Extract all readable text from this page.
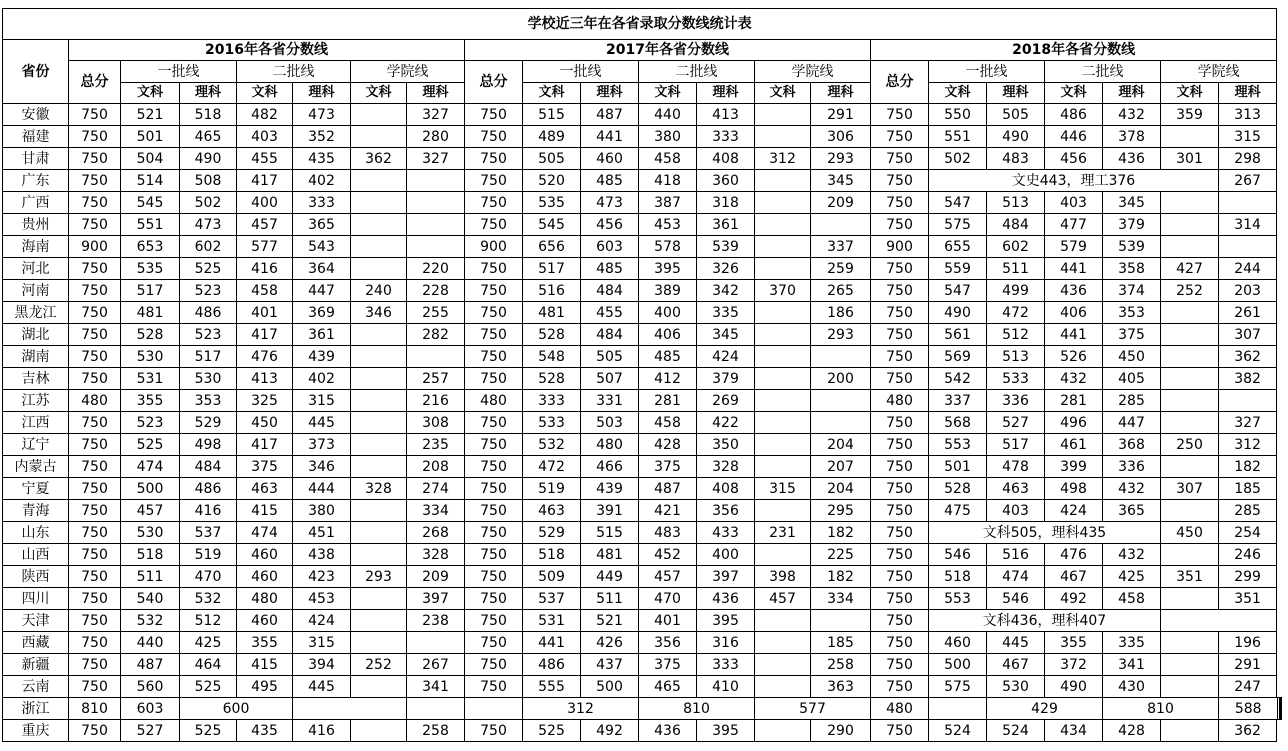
学校近三年在各省录取分数线统计表																							
省份	2016年各省分数线							2017年各省分数线							2018年各省分数线								
	总分	一批线		二批线		学院线		总分	一批线		二批线		学院线		总分	一批线		二批线		学院线			
		文科	理科	文科	理科	文科	理科		文科	理科	文科	理科	文科	理科		文科	理科	文科	理科	文科	理科		
安徽	750	521	518	482	473		327	750	515	487	440	413		291	750	550	505	486	432	359	313		
福建	750	501	465	403	352		280	750	489	441	380	333		306	750	551	490	446	378		315		
甘肃	750	504	490	455	435	362	327	750	505	460	458	408	312	293	750	502	483	456	436	301	298		
广东	750	514	508	417	402			750	520	485	418	360		345	750	文史443，理工376					267		
广西	750	545	502	400	333			750	535	473	387	318		209	750	547	513	403	345				
贵州	750	551	473	457	365			750	545	456	453	361			750	575	484	477	379		314		
海南	900	653	602	577	543			900	656	603	578	539		337	900	655	602	579	539				
河北	750	535	525	416	364		220	750	517	485	395	326		259	750	559	511	441	358	427	244		
河南	750	517	523	458	447	240	228	750	516	484	389	342	370	265	750	547	499	436	374	252	203		
黑龙江	750	481	486	401	369	346	255	750	481	455	400	335		186	750	490	472	406	353		261		
湖北	750	528	523	417	361		282	750	528	484	406	345		293	750	561	512	441	375		307		
湖南	750	530	517	476	439			750	548	505	485	424			750	569	513	526	450		362		
吉林	750	531	530	413	402		257	750	528	507	412	379		200	750	542	533	432	405		382		
江苏	480	355	353	325	315		216	480	333	331	281	269			480	337	336	281	285				
江西	750	523	529	450	445		308	750	533	503	458	422			750	568	527	496	447		327		
辽宁	750	525	498	417	373		235	750	532	480	428	350		204	750	553	517	461	368	250	312		
内蒙古	750	474	484	375	346		208	750	472	466	375	328		207	750	501	478	399	336		182		
宁夏	750	500	486	463	444	328	274	750	519	439	487	408	315	204	750	528	463	498	432	307	185		
青海	750	457	416	415	380		334	750	463	391	421	356		295	750	475	403	424	365		285		
山东	750	530	537	474	451		268	750	529	515	483	433	231	182	750	文科505，理科435				450	254		
山西	750	518	519	460	438		328	750	518	481	452	400		225	750	546	516	476	432		246		
陕西	750	511	470	460	423	293	209	750	509	449	457	397	398	182	750	518	474	467	425	351	299		
四川	750	540	532	480	453		397	750	537	511	470	436	457	334	750	553	546	492	458		351		
天津	750	532	512	460	424		238	750	531	521	401	395			750	文科436，理科407							
西藏	750	440	425	355	315			750	441	426	356	316		185	750	460	445	355	335		196		
新疆	750	487	464	415	394	252	267	750	486	437	375	333		258	750	500	467	372	341		291		
云南	750	560	525	495	445		341	750	555	500	465	410		363	750	575	530	490	430		247		
浙江	810	603	600						312		810		577		480		429		810		588			
重庆	750	527	525	435	416		258	750	525	492	436	395		290	750	524	524	434	428		362		
